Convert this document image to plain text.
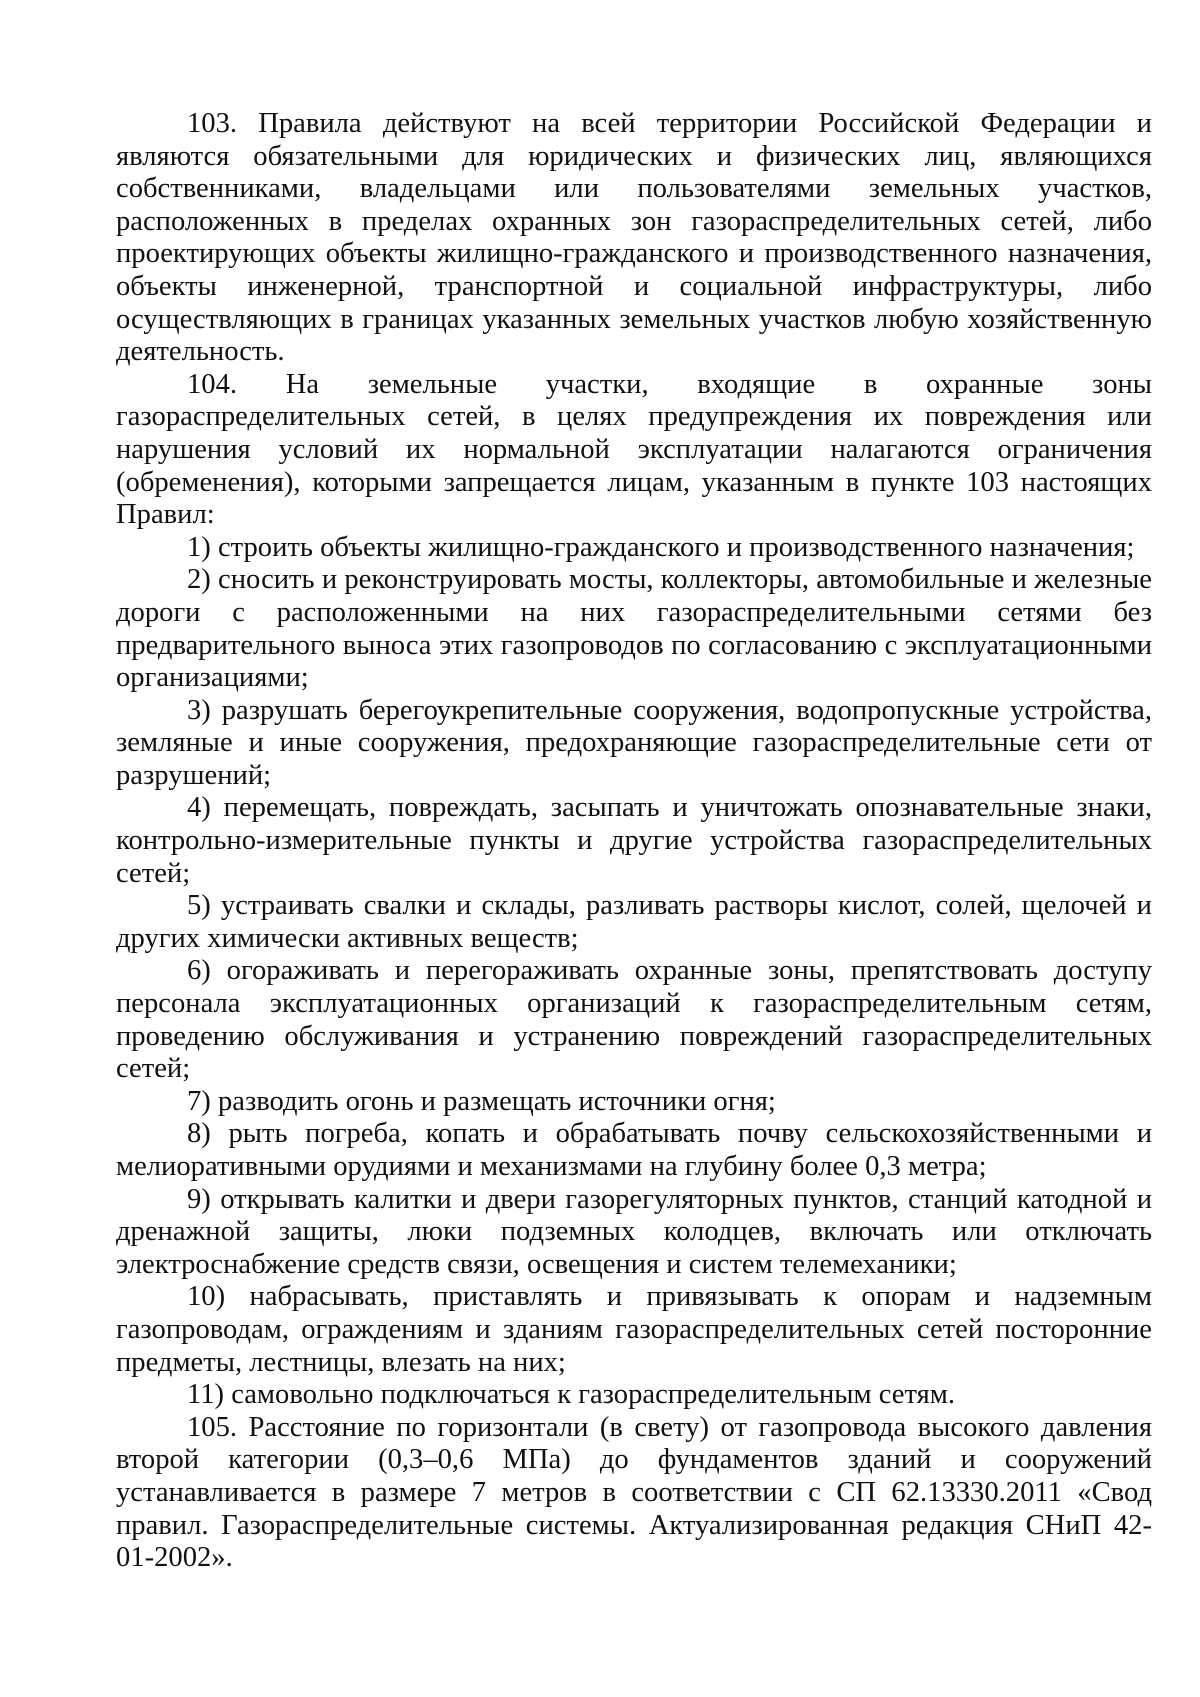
103. Правила действуют на всей территории Российской Федерации и являются обязательными для юридических и физических лиц, являющихся собственниками, владельцами или пользователями земельных участков, расположенных в пределах охранных зон газораспределительных сетей, либо проектирующих объекты жилищно-гражданского и производственного назначения, объекты инженерной, транспортной и социальной инфраструктуры, либо осуществляющих в границах указанных земельных участков любую хозяйственную деятельность.

104. На земельные участки, входящие в охранные зоны газораспределительных сетей, в целях предупреждения их повреждения или нарушения условий их нормальной эксплуатации налагаются ограничения (обременения), которыми запрещается лицам, указанным в пункте 103 настоящих Правил:

1) строить объекты жилищно-гражданского и производственного назначения;

2) сносить и реконструировать мосты, коллекторы, автомобильные и железные дороги с расположенными на них газораспределительными сетями без предварительного выноса этих газопроводов по согласованию с эксплуатационными организациями;

3) разрушать берегоукрепительные сооружения, водопропускные устройства, земляные и иные сооружения, предохраняющие газораспределительные сети от разрушений;

4) перемещать, повреждать, засыпать и уничтожать опознавательные знаки, контрольно-измерительные пункты и другие устройства газораспределительных сетей;

5) устраивать свалки и склады, разливать растворы кислот, солей, щелочей и других химически активных веществ;

6) огораживать и перегораживать охранные зоны, препятствовать доступу персонала эксплуатационных организаций к газораспределительным сетям, проведению обслуживания и устранению повреждений газораспределительных сетей;

7) разводить огонь и размещать источники огня;

8) рыть погреба, копать и обрабатывать почву сельскохозяйственными и мелиоративными орудиями и механизмами на глубину более 0,3 метра;

9) открывать калитки и двери газорегуляторных пунктов, станций катодной и дренажной защиты, люки подземных колодцев, включать или отключать электроснабжение средств связи, освещения и систем телемеханики;

10) набрасывать, приставлять и привязывать к опорам и надземным газопроводам, ограждениям и зданиям газораспределительных сетей посторонние предметы, лестницы, влезать на них;

11) самовольно подключаться к газораспределительным сетям.

105. Расстояние по горизонтали (в свету) от газопровода высокого давления второй категории (0,3–0,6 МПа) до фундаментов зданий и сооружений устанавливается в размере 7 метров в соответствии с СП 62.13330.2011 «Свод правил. Газораспределительные системы. Актуализированная редакция СНиП 42-01-2002».
